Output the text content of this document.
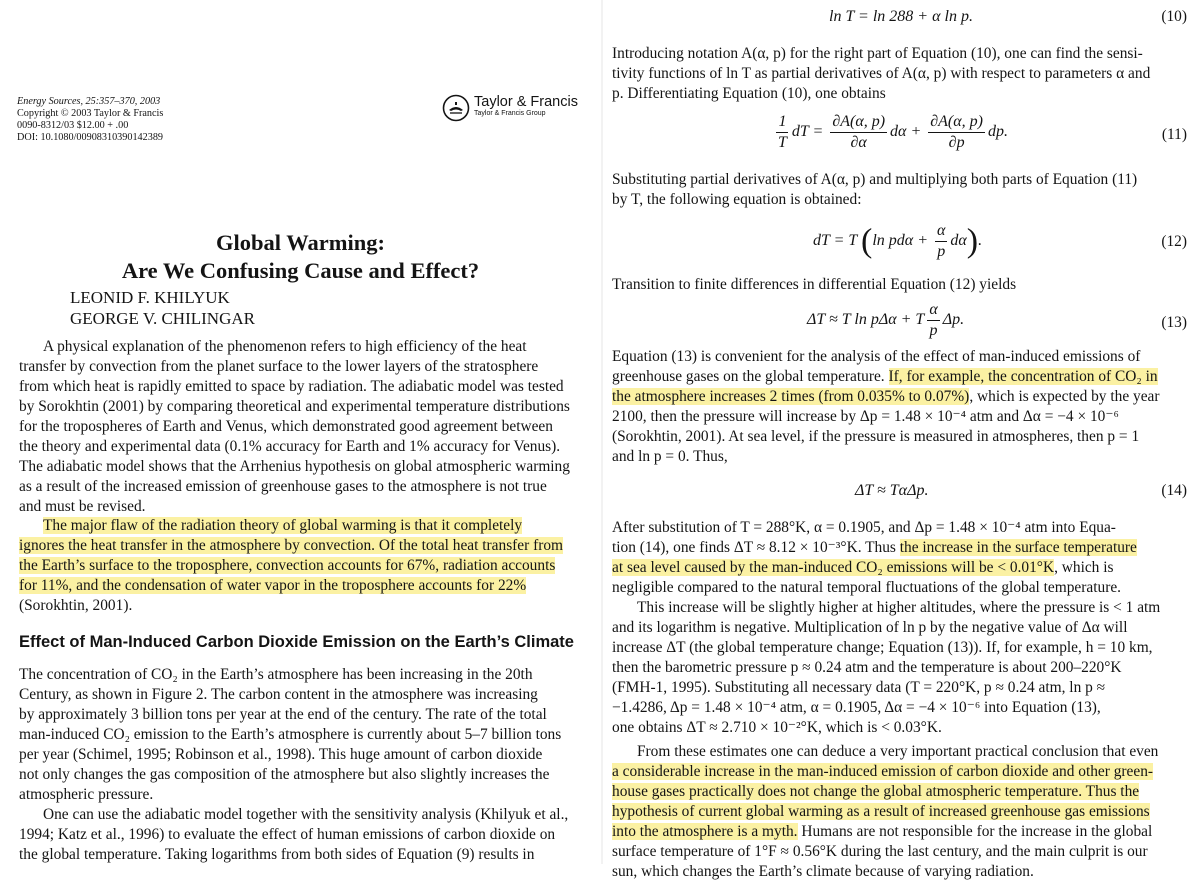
Energy Sources, 25:357–370, 2003
Copyright © 2003 Taylor & Francis
0090-8312/03 $12.00 + .00
DOI: 10.1080/00908310390142389
Taylor & Francis
Taylor & Francis Group
Global Warming:
Are We Confusing Cause and Effect?
LEONID F. KHILYUK
GEORGE V. CHILINGAR
A physical explanation of the phenomenon refers to high efficiency of the heat
transfer by convection from the planet surface to the lower layers of the stratosphere
from which heat is rapidly emitted to space by radiation. The adiabatic model was tested
by Sorokhtin (2001) by comparing theoretical and experimental temperature distributions
for the tropospheres of Earth and Venus, which demonstrated good agreement between
the theory and experimental data (0.1% accuracy for Earth and 1% accuracy for Venus).
The adiabatic model shows that the Arrhenius hypothesis on global atmospheric warming
as a result of the increased emission of greenhouse gases to the atmosphere is not true
and must be revised.
The major flaw of the radiation theory of global warming is that it completely
ignores the heat transfer in the atmosphere by convection. Of the total heat transfer from
the Earth’s surface to the troposphere, convection accounts for 67%, radiation accounts
for 11%, and the condensation of water vapor in the troposphere accounts for 22%
(Sorokhtin, 2001).
Effect of Man-Induced Carbon Dioxide Emission on the Earth’s Climate
The concentration of CO₂ in the Earth’s atmosphere has been increasing in the 20th
Century, as shown in Figure 2. The carbon content in the atmosphere was increasing
by approximately 3 billion tons per year at the end of the century. The rate of the total
man-induced CO₂ emission to the Earth’s atmosphere is currently about 5–7 billion tons
per year (Schimel, 1995; Robinson et al., 1998). This huge amount of carbon dioxide
not only changes the gas composition of the atmosphere but also slightly increases the
atmospheric pressure.
One can use the adiabatic model together with the sensitivity analysis (Khilyuk et al.,
1994; Katz et al., 1996) to evaluate the effect of human emissions of carbon dioxide on
the global temperature. Taking logarithms from both sides of Equation (9) results in
ln T = ln 288 + α ln p.	(10)
Introducing notation A(α, p) for the right part of Equation (10), one can find the sensi-
tivity functions of ln T as partial derivatives of A(α, p) with respect to parameters α and
p. Differentiating Equation (10), one obtains
$\frac{1}{T}$ dT = $\frac{\partial A(\alpha, p)}{\partial\alpha}$ $d\alpha + \frac{\partial A(\alpha, p)}{\partial p}$ dp.	(11)
Substituting partial derivatives of A(α, p) and multiplying both parts of Equation (11)
by T, the following equation is obtained:
dT = T (ln $pd\alpha + \frac{\alpha}{p} d\alpha$).	(12)
Transition to finite differences in differential Equation (12) yields
ΔT ≈ T ln pΔα + T $\frac{\alpha}{p} \Delta p$.	(13)
Equation (13) is convenient for the analysis of the effect of man-induced emissions of
greenhouse gases on the global temperature. If, for example, the concentration of CO₂ in
the atmosphere increases 2 times (from 0.035% to 0.07%), which is expected by the year
2100, then the pressure will increase by Δp = 1.48 × 10⁻⁴ atm and Δα = −4 × 10⁻⁶
(Sorokhtin, 2001). At sea level, if the pressure is measured in atmospheres, then p = 1
and ln p = 0. Thus,
ΔT ≈ TαΔp.	(14)
After substitution of T = 288°K, α = 0.1905, and Δp = 1.48 × 10⁻⁴ atm into Equa-
tion (14), one finds ΔT ≈ 8.12 × 10⁻³°K. Thus the increase in the surface temperature
at sea level caused by the man-induced CO₂ emissions will be < 0.01°K, which is
negligible compared to the natural temporal fluctuations of the global temperature.
This increase will be slightly higher at higher altitudes, where the pressure is < 1 atm
and its logarithm is negative. Multiplication of ln p by the negative value of Δα will
increase ΔT (the global temperature change; Equation (13)). If, for example, h = 10 km,
then the barometric pressure p ≈ 0.24 atm and the temperature is about 200–220°K
(FMH-1, 1995). Substituting all necessary data (T = 220°K, p ≈ 0.24 atm, ln p ≈
−1.4286, Δp = 1.48 × 10⁻⁴ atm, α = 0.1905, Δα = −4 × 10⁻⁶ into Equation (13),
one obtains ΔT ≈ 2.710 × 10⁻²°K, which is < 0.03°K.
From these estimates one can deduce a very important practical conclusion that even
a considerable increase in the man-induced emission of carbon dioxide and other green-
house gases practically does not change the global atmospheric temperature. Thus the
hypothesis of current global warming as a result of increased greenhouse gas emissions
into the atmosphere is a myth. Humans are not responsible for the increase in the global
surface temperature of 1°F ≈ 0.56°K during the last century, and the main culprit is our
sun, which changes the Earth’s climate because of varying radiation.
